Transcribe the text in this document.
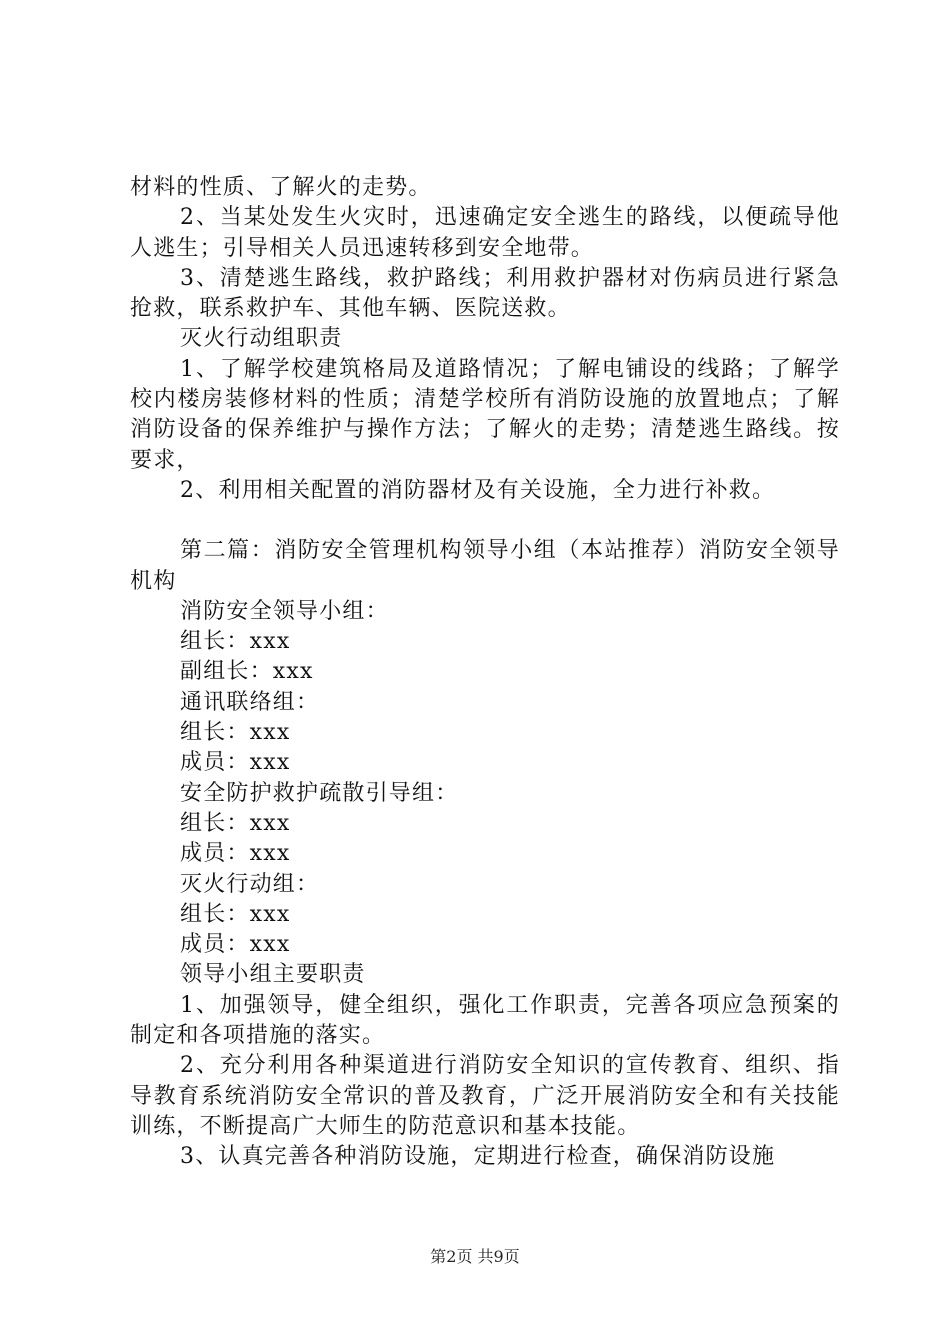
材料的性质、了解火的走势。

2、当某处发生火灾时，迅速确定安全逃生的路线，以便疏导他人逃生；引导相关人员迅速转移到安全地带。

3、清楚逃生路线，救护路线；利用救护器材对伤病员进行紧急抢救，联系救护车、其他车辆、医院送救。

灭火行动组职责

1、了解学校建筑格局及道路情况；了解电铺设的线路；了解学校内楼房装修材料的性质；清楚学校所有消防设施的放置地点；了解消防设备的保养维护与操作方法；了解火的走势；清楚逃生路线。按要求，

2、利用相关配置的消防器材及有关设施，全力进行补救。

第二篇：消防安全管理机构领导小组（本站推荐）消防安全领导机构

消防安全领导小组：

组长：xxx

副组长：xxx

通讯联络组：

组长：xxx

成员：xxx

安全防护救护疏散引导组：

组长：xxx

成员：xxx

灭火行动组：

组长：xxx

成员：xxx

领导小组主要职责

1、加强领导，健全组织，强化工作职责，完善各项应急预案的制定和各项措施的落实。

2、充分利用各种渠道进行消防安全知识的宣传教育、组织、指导教育系统消防安全常识的普及教育，广泛开展消防安全和有关技能训练，不断提高广大师生的防范意识和基本技能。

3、认真完善各种消防设施，定期进行检查，确保消防设施

第2页 共9页
